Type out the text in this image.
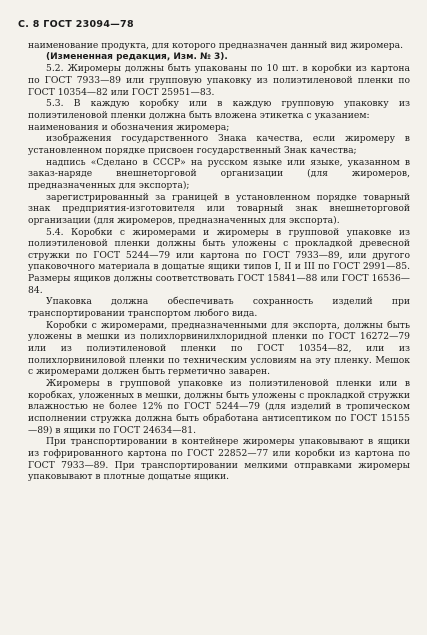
С. 8 ГОСТ 23094—78

наименование продукта, для которого предназначен данный вид жиромера.

(Измененная редакция, Изм. № 3).

5.2. Жиромеры должны быть упакованы по 10 шт. в коробки из картона по ГОСТ 7933—89 или групповую упаковку из полиэтиленовой пленки по ГОСТ 10354—82 или ГОСТ 25951—83.

5.3. В каждую коробку или в каждую групповую упаковку из полиэтиленовой пленки должна быть вложена этикетка с указанием:

наименования и обозначения жиромера;

изображения государственного Знака качества, если жиромеру в установленном порядке присвоен государственный Знак качества;

надпись «Сделано в СССР» на русском языке или языке, указанном в заказ-наряде внешнеторговой организации (для жиромеров, предназначенных для экспорта);

зарегистрированный за границей в установленном порядке товарный знак предприятия-изготовителя или товарный знак внешнеторговой организации (для жиромеров, предназначенных для экспорта).

5.4. Коробки с жиромерами и жиромеры в групповой упаковке из полиэтиленовой пленки должны быть уложены с прокладкой древесной стружки по ГОСТ 5244—79 или картона по ГОСТ 7933—89, или другого упаковочного материала в дощатые ящики типов I, II и III по ГОСТ 2991—85. Размеры ящиков должны соответствовать ГОСТ 15841—88 или ГОСТ 16536—84.

Упаковка должна обеспечивать сохранность изделий при транспортировании транспортом любого вида.

Коробки с жиромерами, предназначенными для экспорта, должны быть уложены в мешки из полихлорвинилхлоридной пленки по ГОСТ 16272—79 или из полиэтиленовой пленки по ГОСТ 10354—82, или из полихлорвиниловой пленки по техническим условиям на эту пленку. Мешок с жиромерами должен быть герметично заварен.

Жиромеры в групповой упаковке из полиэтиленовой пленки или в коробках, уложенных в мешки, должны быть уложены с прокладкой стружки влажностью не более 12% по ГОСТ 5244—79 (для изделий в тропическом исполнении стружка должна быть обработана антисептиком по ГОСТ 15155—89) в ящики по ГОСТ 24634—81.

При транспортировании в контейнере жиромеры упаковывают в ящики из гофрированного картона по ГОСТ 22852—77 или коробки из картона по ГОСТ 7933—89. При транспортировании мелкими отправками жиромеры упаковывают в плотные дощатые ящики.
